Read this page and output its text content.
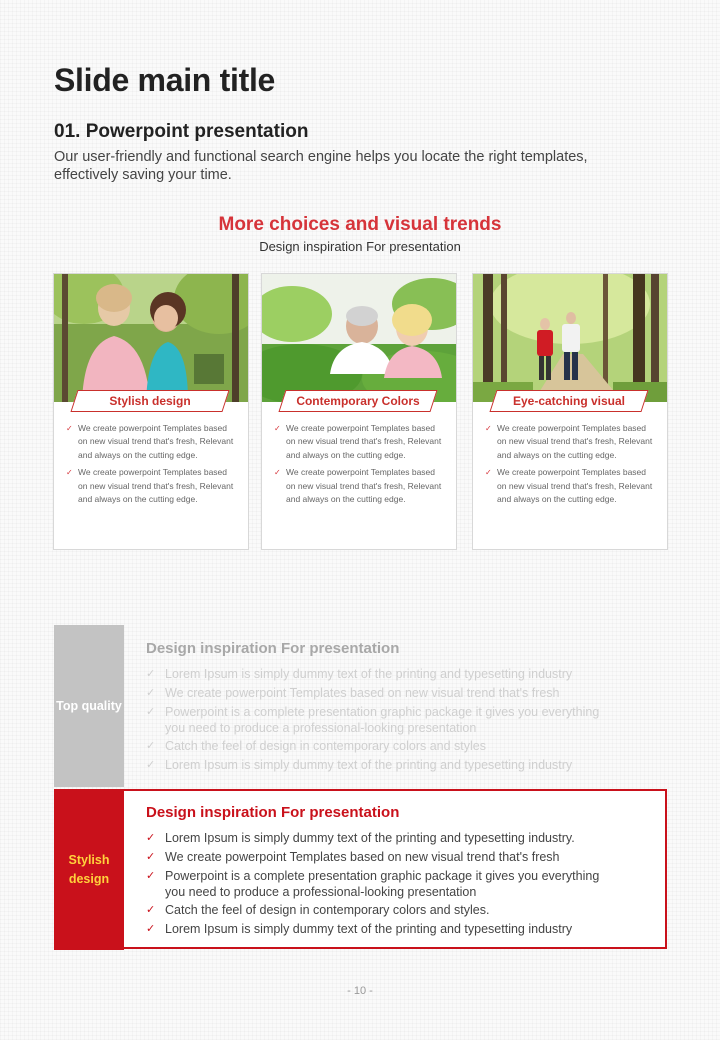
Slide main title
01. Powerpoint presentation

Our user-friendly and functional search engine helps you locate the right templates, effectively saving your time.

More choices and visual trends
Design inspiration For presentation
Stylish design
✓ We create powerpoint Templates based on new visual trend that's fresh, Relevant and always on the cutting edge.
✓ We create powerpoint Templates based on new visual trend that's fresh, Relevant and always on the cutting edge.
Contemporary Colors
✓ We create powerpoint Templates based on new visual trend that's fresh, Relevant and always on the cutting edge.
✓ We create powerpoint Templates based on new visual trend that's fresh, Relevant and always on the cutting edge.
Eye-catching visual
✓ We create powerpoint Templates based on new visual trend that's fresh, Relevant and always on the cutting edge.
✓ We create powerpoint Templates based on new visual trend that's fresh, Relevant and always on the cutting edge.
Top quality
Design inspiration For presentation
✓ Lorem Ipsum is simply dummy text of the printing and typesetting industry
✓ We create powerpoint Templates based on new visual trend that's fresh
✓ Powerpoint is a complete presentation graphic package it gives you everything you need to produce a professional-looking presentation
✓ Catch the feel of design in contemporary colors and styles
✓ Lorem Ipsum is simply dummy text of the printing and typesetting industry
Stylish design
Design inspiration For presentation
✓ Lorem Ipsum is simply dummy text of the printing and typesetting industry.
✓ We create powerpoint Templates based on new visual trend that's fresh
✓ Powerpoint is a complete presentation graphic package it gives you everything you need to produce a professional-looking presentation
✓ Catch the feel of design in contemporary colors and styles.
✓ Lorem Ipsum is simply dummy text of the printing and typesetting industry
- 10 -
